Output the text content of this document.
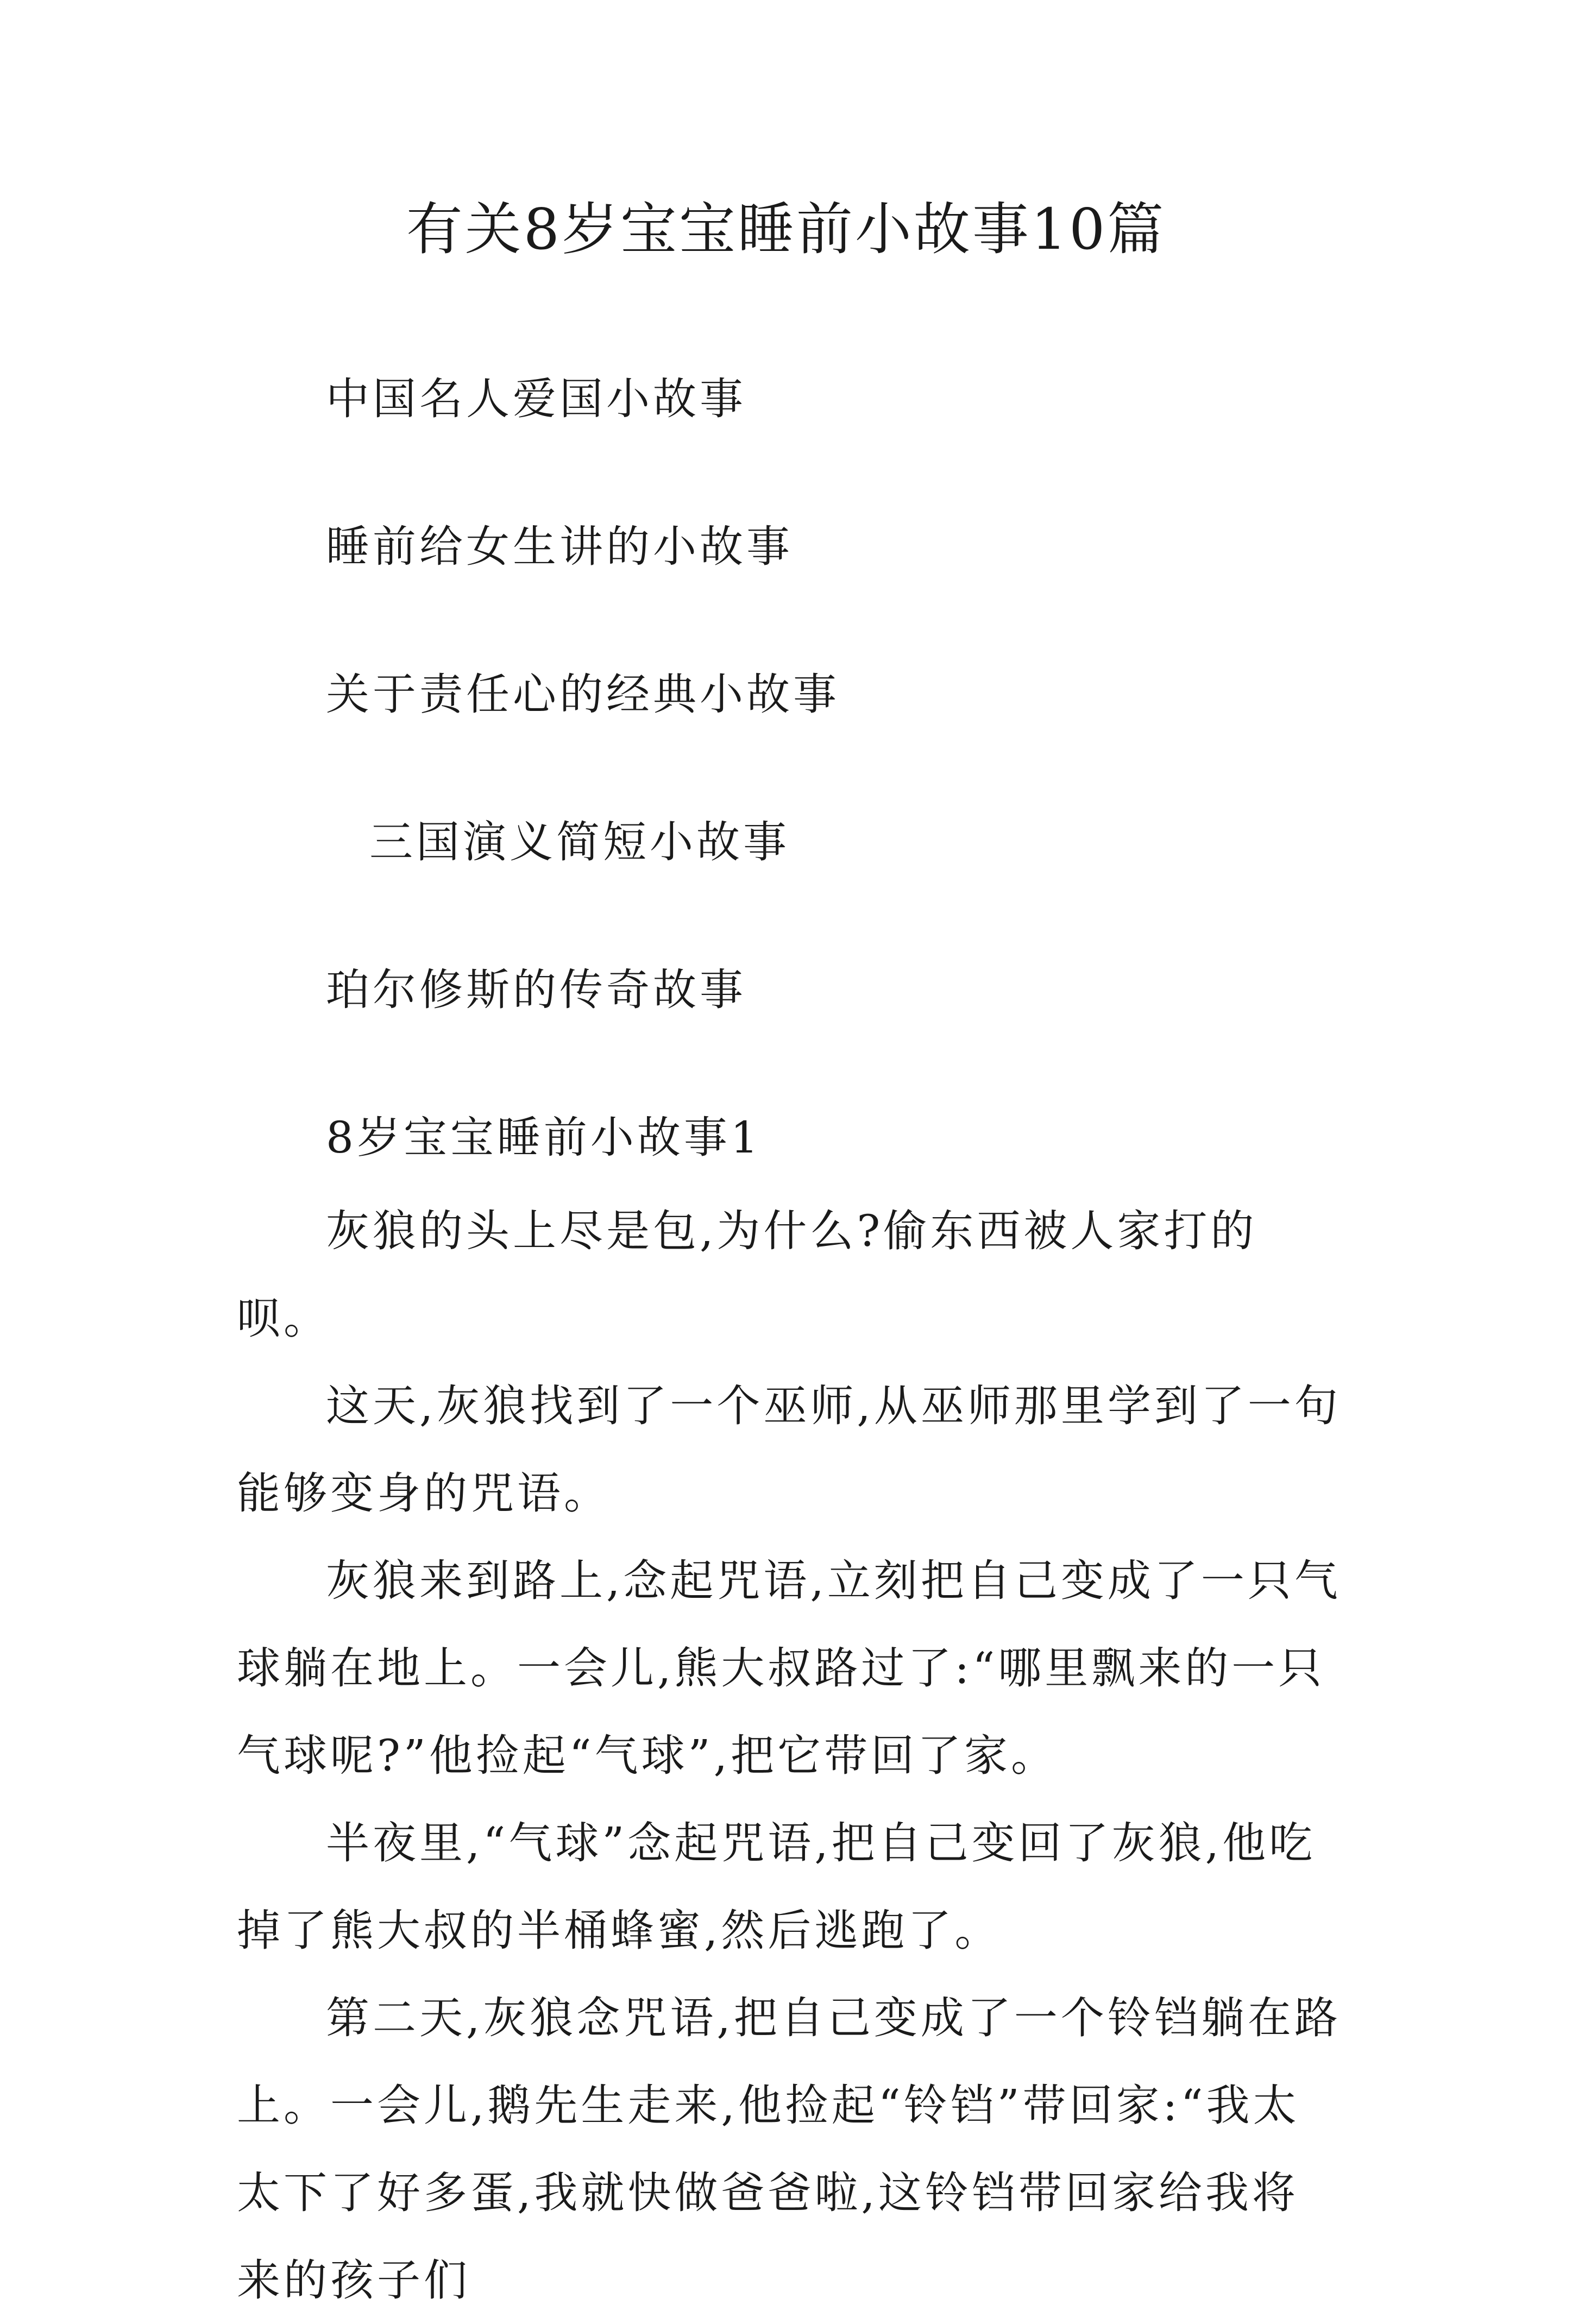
有关8岁宝宝睡前小故事10篇
中国名人爱国小故事
睡前给女生讲的小故事
关于责任心的经典小故事
三国演义简短小故事
珀尔修斯的传奇故事
8岁宝宝睡前小故事1

灰狼的头上尽是包,为什么?偷东西被人家打的呗。

这天,灰狼找到了一个巫师,从巫师那里学到了一句能够变身的咒语。

灰狼来到路上,念起咒语,立刻把自己变成了一只气球躺在地上。一会儿,熊大叔路过了:“哪里飘来的一只气球呢?”他捡起“气球”,把它带回了家。

半夜里,“气球”念起咒语,把自己变回了灰狼,他吃掉了熊大叔的半桶蜂蜜,然后逃跑了。

第二天,灰狼念咒语,把自己变成了一个铃铛躺在路上。一会儿,鹅先生走来,他捡起“铃铛”带回家:“我太太下了好多蛋,我就快做爸爸啦,这铃铛带回家给我将来的孩子们
